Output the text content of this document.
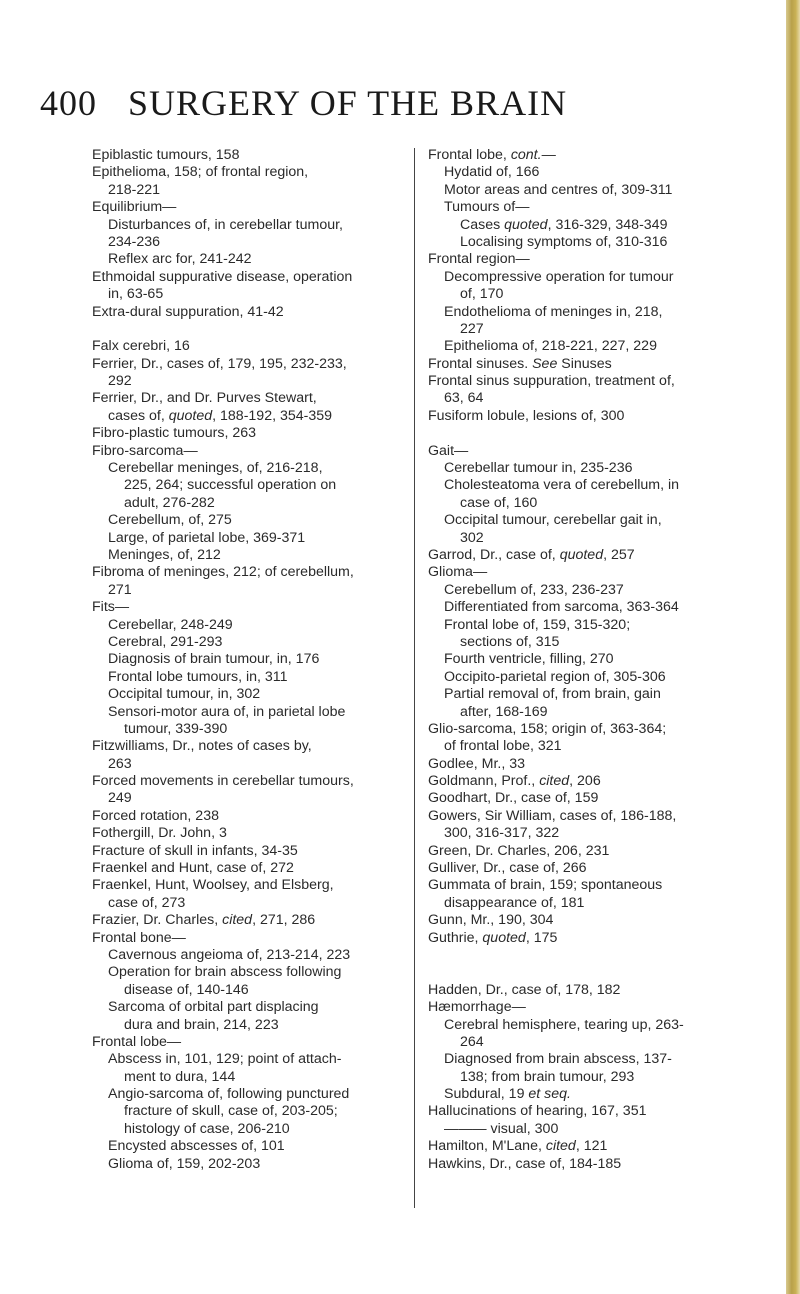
400 SURGERY OF THE BRAIN
Epiblastic tumours, 158
Epithelioma, 158; of frontal region,
218-221
Equilibrium—
Disturbances of, in cerebellar tumour,
234-236
Reflex arc for, 241-242
Ethmoidal suppurative disease, operation
in, 63-65
Extra-dural suppuration, 41-42
Falx cerebri, 16
Ferrier, Dr., cases of, 179, 195, 232-233,
292
Ferrier, Dr., and Dr. Purves Stewart,
cases of, quoted, 188-192, 354-359
Fibro-plastic tumours, 263
Fibro-sarcoma—
Cerebellar meninges, of, 216-218,
225, 264; successful operation on
adult, 276-282
Cerebellum, of, 275
Large, of parietal lobe, 369-371
Meninges, of, 212
Fibroma of meninges, 212; of cerebellum,
271
Fits—
Cerebellar, 248-249
Cerebral, 291-293
Diagnosis of brain tumour, in, 176
Frontal lobe tumours, in, 311
Occipital tumour, in, 302
Sensori-motor aura of, in parietal lobe
tumour, 339-390
Fitzwilliams, Dr., notes of cases by,
263
Forced movements in cerebellar tumours,
249
Forced rotation, 238
Fothergill, Dr. John, 3
Fracture of skull in infants, 34-35
Fraenkel and Hunt, case of, 272
Fraenkel, Hunt, Woolsey, and Elsberg,
case of, 273
Frazier, Dr. Charles, cited, 271, 286
Frontal bone—
Cavernous angeioma of, 213-214, 223
Operation for brain abscess following
disease of, 140-146
Sarcoma of orbital part displacing
dura and brain, 214, 223
Frontal lobe—
Abscess in, 101, 129; point of attach-
ment to dura, 144
Angio-sarcoma of, following punctured
fracture of skull, case of, 203-205;
histology of case, 206-210
Encysted abscesses of, 101
Glioma of, 159, 202-203
Frontal lobe, cont.—
Hydatid of, 166
Motor areas and centres of, 309-311
Tumours of—
Cases quoted, 316-329, 348-349
Localising symptoms of, 310-316
Frontal region—
Decompressive operation for tumour
of, 170
Endothelioma of meninges in, 218,
227
Epithelioma of, 218-221, 227, 229
Frontal sinuses. See Sinuses
Frontal sinus suppuration, treatment of,
63, 64
Fusiform lobule, lesions of, 300
Gait—
Cerebellar tumour in, 235-236
Cholesteatoma vera of cerebellum, in
case of, 160
Occipital tumour, cerebellar gait in,
302
Garrod, Dr., case of, quoted, 257
Glioma—
Cerebellum of, 233, 236-237
Differentiated from sarcoma, 363-364
Frontal lobe of, 159, 315-320;
sections of, 315
Fourth ventricle, filling, 270
Occipito-parietal region of, 305-306
Partial removal of, from brain, gain
after, 168-169
Glio-sarcoma, 158; origin of, 363-364;
of frontal lobe, 321
Godlee, Mr., 33
Goldmann, Prof., cited, 206
Goodhart, Dr., case of, 159
Gowers, Sir William, cases of, 186-188,
300, 316-317, 322
Green, Dr. Charles, 206, 231
Gulliver, Dr., case of, 266
Gummata of brain, 159; spontaneous
disappearance of, 181
Gunn, Mr., 190, 304
Guthrie, quoted, 175
Hadden, Dr., case of, 178, 182
Hæmorrhage—
Cerebral hemisphere, tearing up, 263-
264
Diagnosed from brain abscess, 137-
138; from brain tumour, 293
Subdural, 19 et seq.
Hallucinations of hearing, 167, 351
——— visual, 300
Hamilton, M'Lane, cited, 121
Hawkins, Dr., case of, 184-185
